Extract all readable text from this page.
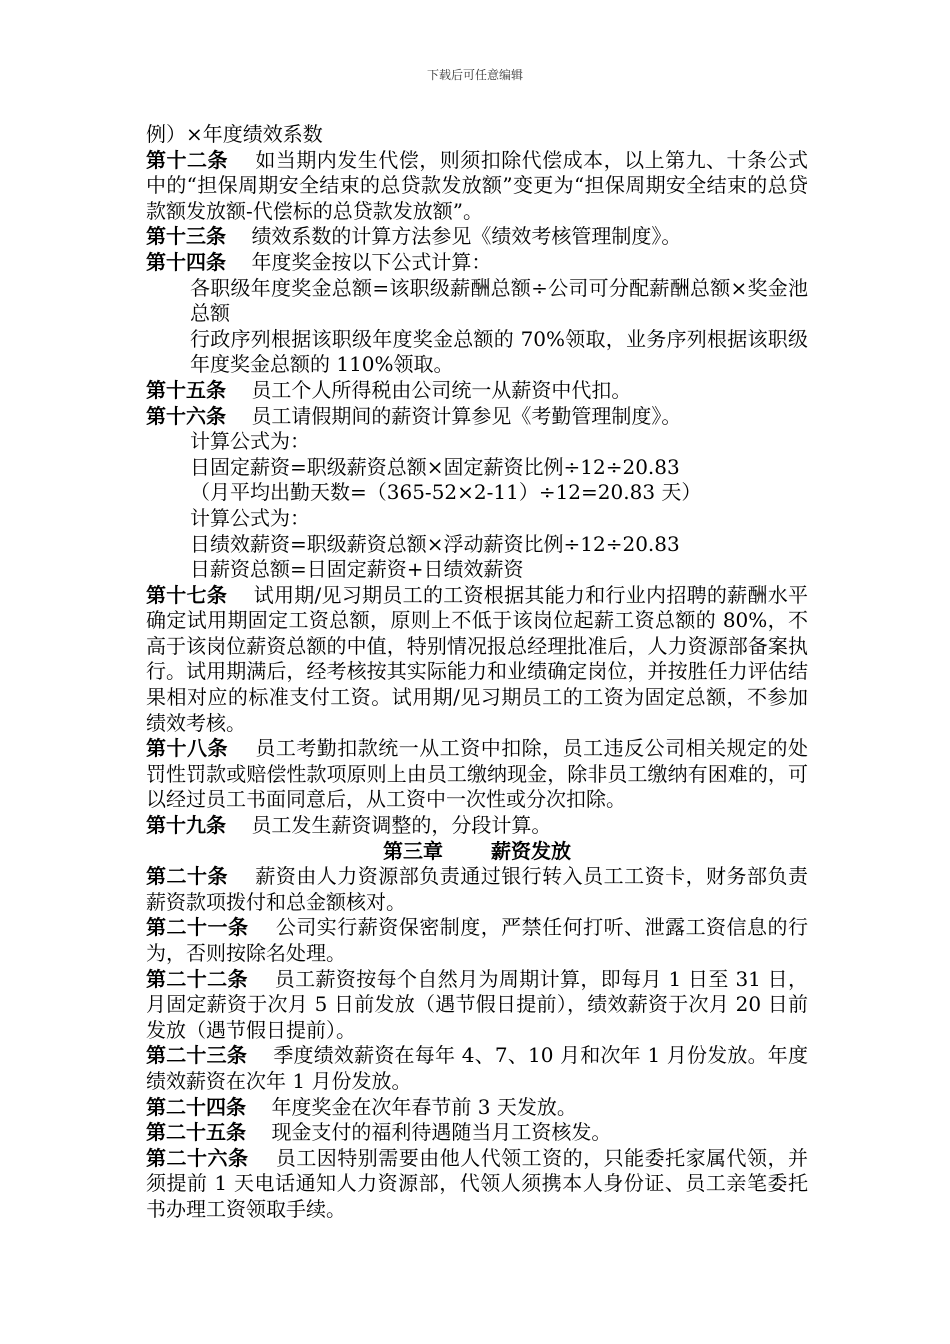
下载后可任意编辑
例）×年度绩效系数
第十二条 如当期内发生代偿，则须扣除代偿成本，以上第九、十条公式中的“担保周期安全结束的总贷款发放额”变更为“担保周期安全结束的总贷款额发放额-代偿标的总贷款发放额”。
第十三条 绩效系数的计算方法参见《绩效考核管理制度》。
第十四条 年度奖金按以下公式计算：
各职级年度奖金总额=该职级薪酬总额÷公司可分配薪酬总额×奖金池总额
行政序列根据该职级年度奖金总额的 70%领取，业务序列根据该职级年度奖金总额的 110%领取。
第十五条 员工个人所得税由公司统一从薪资中代扣。
第十六条 员工请假期间的薪资计算参见《考勤管理制度》。
计算公式为：
日固定薪资=职级薪资总额×固定薪资比例÷12÷20.83
（月平均出勤天数=（365-52×2-11）÷12=20.83 天）
计算公式为：
日绩效薪资=职级薪资总额×浮动薪资比例÷12÷20.83
日薪资总额=日固定薪资+日绩效薪资
第十七条 试用期/见习期员工的工资根据其能力和行业内招聘的薪酬水平确定试用期固定工资总额，原则上不低于该岗位起薪工资总额的 80%，不高于该岗位薪资总额的中值，特别情况报总经理批准后，人力资源部备案执行。试用期满后，经考核按其实际能力和业绩确定岗位，并按胜任力评估结果相对应的标准支付工资。试用期/见习期员工的工资为固定总额，不参加绩效考核。
第十八条 员工考勤扣款统一从工资中扣除，员工违反公司相关规定的处罚性罚款或赔偿性款项原则上由员工缴纳现金，除非员工缴纳有困难的，可以经过员工书面同意后，从工资中一次性或分次扣除。
第十九条 员工发生薪资调整的，分段计算。
第三章 薪资发放
第二十条 薪资由人力资源部负责通过银行转入员工工资卡，财务部负责薪资款项拨付和总金额核对。
第二十一条 公司实行薪资保密制度，严禁任何打听、泄露工资信息的行为，否则按除名处理。
第二十二条 员工薪资按每个自然月为周期计算，即每月 1 日至 31 日，月固定薪资于次月 5 日前发放（遇节假日提前），绩效薪资于次月 20 日前发放（遇节假日提前）。
第二十三条 季度绩效薪资在每年 4、7、10 月和次年 1 月份发放。年度绩效薪资在次年 1 月份发放。
第二十四条 年度奖金在次年春节前 3 天发放。
第二十五条 现金支付的福利待遇随当月工资核发。
第二十六条 员工因特别需要由他人代领工资的，只能委托家属代领，并须提前 1 天电话通知人力资源部，代领人须携本人身份证、员工亲笔委托书办理工资领取手续。
